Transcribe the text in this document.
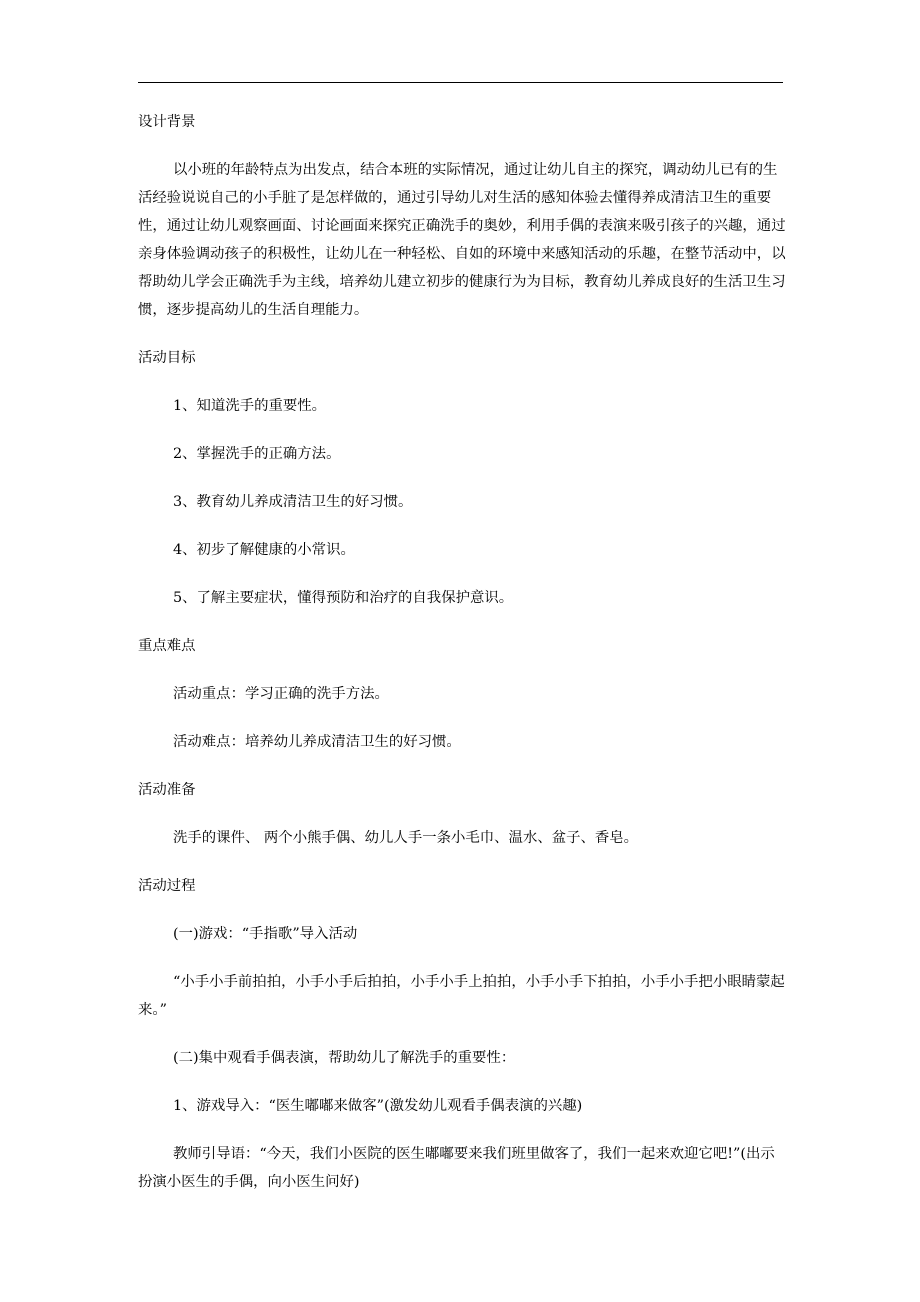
设计背景

以小班的年龄特点为出发点，结合本班的实际情况，通过让幼儿自主的探究，调动幼儿已有的生活经验说说自己的小手脏了是怎样做的，通过引导幼儿对生活的感知体验去懂得养成清洁卫生的重要性，通过让幼儿观察画面、讨论画面来探究正确洗手的奥妙，利用手偶的表演来吸引孩子的兴趣，通过亲身体验调动孩子的积极性，让幼儿在一种轻松、自如的环境中来感知活动的乐趣，在整节活动中，以帮助幼儿学会正确洗手为主线，培养幼儿建立初步的健康行为为目标，教育幼儿养成良好的生活卫生习惯，逐步提高幼儿的生活自理能力。

活动目标

1、知道洗手的重要性。

2、掌握洗手的正确方法。

3、教育幼儿养成清洁卫生的好习惯。

4、初步了解健康的小常识。

5、了解主要症状，懂得预防和治疗的自我保护意识。

重点难点

活动重点：学习正确的洗手方法。

活动难点：培养幼儿养成清洁卫生的好习惯。

活动准备

洗手的课件、 两个小熊手偶、幼儿人手一条小毛巾、温水、盆子、香皂。

活动过程

(一)游戏：“手指歌”导入活动

“小手小手前拍拍，小手小手后拍拍，小手小手上拍拍，小手小手下拍拍，小手小手把小眼睛蒙起来。”

(二)集中观看手偶表演，帮助幼儿了解洗手的重要性：

1、游戏导入：“医生嘟嘟来做客”(激发幼儿观看手偶表演的兴趣)

教师引导语：“今天，我们小医院的医生嘟嘟要来我们班里做客了，我们一起来欢迎它吧!”(出示扮演小医生的手偶，向小医生问好)
